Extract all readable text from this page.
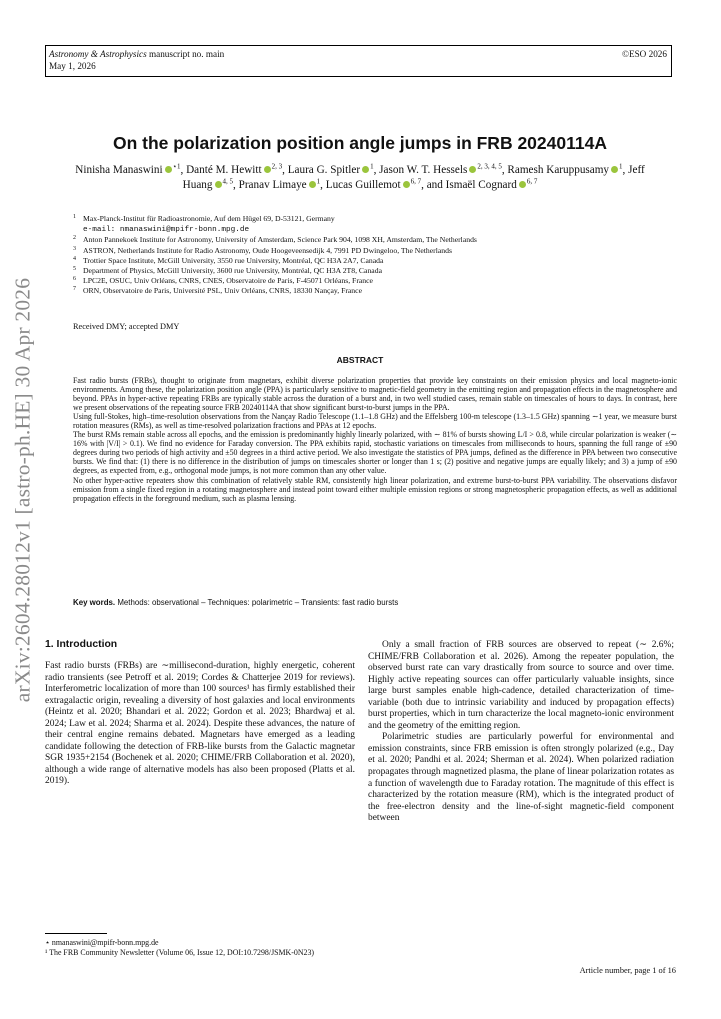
Astronomy & Astrophysics manuscript no. main
May 1, 2026
©ESO 2026
arXiv:2604.28012v1 [astro-ph.HE] 30 Apr 2026
On the polarization position angle jumps in FRB 20240114A
Ninisha Manaswini $^{⋆1}$, Danté M. Hewitt $^{2, 3}$, Laura G. Spitler $^1$, Jason W. T. Hessels $^{2, 3, 4, 5}$, Ramesh Karuppusamy $^1$, Jeff Huang $^{4, 5}$, Pranav Limaye $^1$, Lucas Guillemot $^{6, 7}$, and Ismaël Cognard $^{6, 7}$
1 Max-Planck-Institut für Radioastronomie, Auf dem Hügel 69, D-53121, Germany
e-mail: nmanaswini@mpifr-bonn.mpg.de
2 Anton Pannekoek Institute for Astronomy, University of Amsterdam, Science Park 904, 1098 XH, Amsterdam, The Netherlands
3 ASTRON, Netherlands Institute for Radio Astronomy, Oude Hoogeveensedijk 4, 7991 PD Dwingeloo, The Netherlands
4 Trottier Space Institute, McGill University, 3550 rue University, Montréal, QC H3A 2A7, Canada
5 Department of Physics, McGill University, 3600 rue University, Montréal, QC H3A 2T8, Canada
6 LPC2E, OSUC, Univ Orléans, CNRS, CNES, Observatoire de Paris, F-45071 Orléans, France
7 ORN, Observatoire de Paris, Université PSL, Univ Orléans, CNRS, 18330 Nançay, France
Received DMY; accepted DMY
ABSTRACT

Fast radio bursts (FRBs), thought to originate from magnetars, exhibit diverse polarization properties that provide key constraints on their emission physics and local magneto-ionic environments. Among these, the polarization position angle (PPA) is particularly sensitive to magnetic-field geometry in the emitting region and propagation effects in the magnetosphere and beyond. PPAs in hyper-active repeating FRBs are typically stable across the duration of a burst and, in two well studied cases, remain stable on timescales of hours to days. In contrast, here we present observations of the repeating source FRB 20240114A that show significant burst-to-burst jumps in the PPA.

Using full-Stokes, high–time-resolution observations from the Nançay Radio Telescope (1.1–1.8 GHz) and the Effelsberg 100-m telescope (1.3–1.5 GHz) spanning ∼1 year, we measure burst rotation measures (RMs), as well as time-resolved polarization fractions and PPAs at 12 epochs.

The burst RMs remain stable across all epochs, and the emission is predominantly highly linearly polarized, with ∼ 81% of bursts showing L/I > 0.8, while circular polarization is weaker (∼ 16% with |V/I| > 0.1). We find no evidence for Faraday conversion. The PPA exhibits rapid, stochastic variations on timescales from milliseconds to hours, spanning the full range of ±90 degrees during two periods of high activity and ±50 degrees in a third active period. We also investigate the statistics of PPA jumps, defined as the difference in PPA between two consecutive bursts. We find that: (1) there is no difference in the distribution of jumps on timescales shorter or longer than 1 s; (2) positive and negative jumps are equally likely; and 3) a jump of ±90 degrees, as expected from, e.g., orthogonal mode jumps, is not more common than any other value.

No other hyper-active repeaters show this combination of relatively stable RM, consistently high linear polarization, and extreme burst-to-burst PPA variability. The observations disfavor emission from a single fixed region in a rotating magnetosphere and instead point toward either multiple emission regions or strong magnetospheric propagation effects, as well as additional propagation effects in the foreground medium, such as plasma lensing.

Key words. Methods: observational – Techniques: polarimetric – Transients: fast radio bursts
1. Introduction

Fast radio bursts (FRBs) are ∼millisecond-duration, highly energetic, coherent radio transients (see Petroff et al. 2019; Cordes & Chatterjee 2019 for reviews). Interferometric localization of more than 100 sources¹ has firmly established their extragalactic origin, revealing a diversity of host galaxies and local environments (Heintz et al. 2020; Bhandari et al. 2022; Gordon et al. 2023; Bhardwaj et al. 2024; Law et al. 2024; Sharma et al. 2024). Despite these advances, the nature of their central engine remains debated. Magnetars have emerged as a leading candidate following the detection of FRB-like bursts from the Galactic magnetar SGR 1935+2154 (Bochenek et al. 2020; CHIME/FRB Collaboration et al. 2020), although a wide range of alternative models has also been proposed (Platts et al. 2019).

Only a small fraction of FRB sources are observed to repeat (∼ 2.6%; CHIME/FRB Collaboration et al. 2026). Among the repeater population, the observed burst rate can vary drastically from source to source and over time. Highly active repeating sources can offer particularly valuable insights, since large burst samples enable high-cadence, detailed characterization of time-variable (both due to intrinsic variability and induced by propagation effects) burst properties, which in turn characterize the local magneto-ionic environment and the geometry of the emitting region.

Polarimetric studies are particularly powerful for environmental and emission constraints, since FRB emission is often strongly polarized (e.g., Day et al. 2020; Pandhi et al. 2024; Sherman et al. 2024). When polarized radiation propagates through magnetized plasma, the plane of linear polarization rotates as a function of wavelength due to Faraday rotation. The magnitude of this effect is characterized by the rotation measure (RM), which is the integrated product of the free-electron density and the line-of-sight magnetic-field component between

⋆ nmanaswini@mpifr-bonn.mpg.de

¹ The FRB Community Newsletter (Volume 06, Issue 12, DOI:10.7298/JSMK-0N23)

Article number, page 1 of 16
